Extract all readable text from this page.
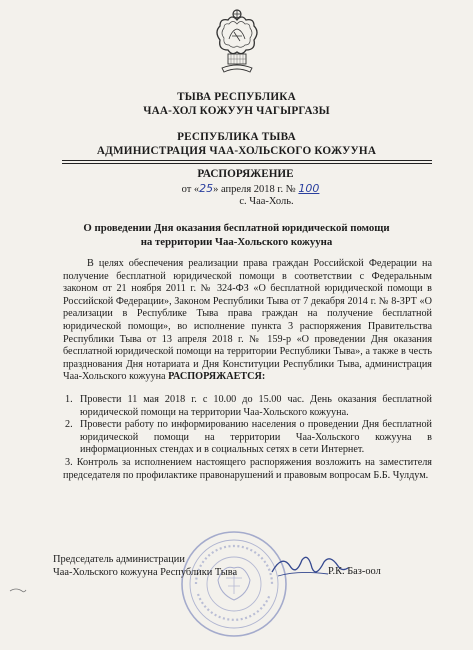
ТЫВА РЕСПУБЛИКА
ЧАА-ХОЛ КОЖУУН ЧАГЫРГАЗЫ
РЕСПУБЛИКА ТЫВА
АДМИНИСТРАЦИЯ ЧАА-ХОЛЬСКОГО КОЖУУНА
РАСПОРЯЖЕНИЕ
от «25» апреля 2018 г. № 100
с. Чаа-Холь.
О проведении Дня оказания бесплатной юридической помощи
на территории Чаа-Хольского кожууна

В целях обеспечения реализации права граждан Российской Федерации на получение бесплатной юридической помощи в соответствии с Федеральным законом от 21 ноября 2011 г. № 324-ФЗ «О бесплатной юридической помощи в Российской Федерации», Законом Республики Тыва от 7 декабря 2014 г. № 8-ЗРТ «О реализации в Республике Тыва права граждан на получение бесплатной юридической помощи», во исполнение пункта 3 распоряжения Правительства Республики Тыва от 13 апреля 2018 г. № 159-р «О проведении Дня оказания бесплатной юридической помощи на территории Республики Тыва», а также в честь празднования Дня нотариата и Дня Конституции Республики Тыва, администрация Чаа-Хольского кожууна РАСПОРЯЖАЕТСЯ:

1. Провести 11 мая 2018 г. с 10.00 до 15.00 час. День оказания бесплатной юридической помощи на территории Чаа-Хольского кожууна.
2. Провести работу по информированию населения о проведении Дня бесплатной юридической помощи на территории Чаа-Хольского кожууна в информационных стендах и в социальных сетях в сети Интернет.
3. Контроль за исполнением настоящего распоряжения возложить на заместителя председателя по профилактике правонарушений и правовым вопросам Б.Б. Чулдум.
Председатель администрации
Чаа-Хольского кожууна Республики Тыва	Р.К. Баз-оол
